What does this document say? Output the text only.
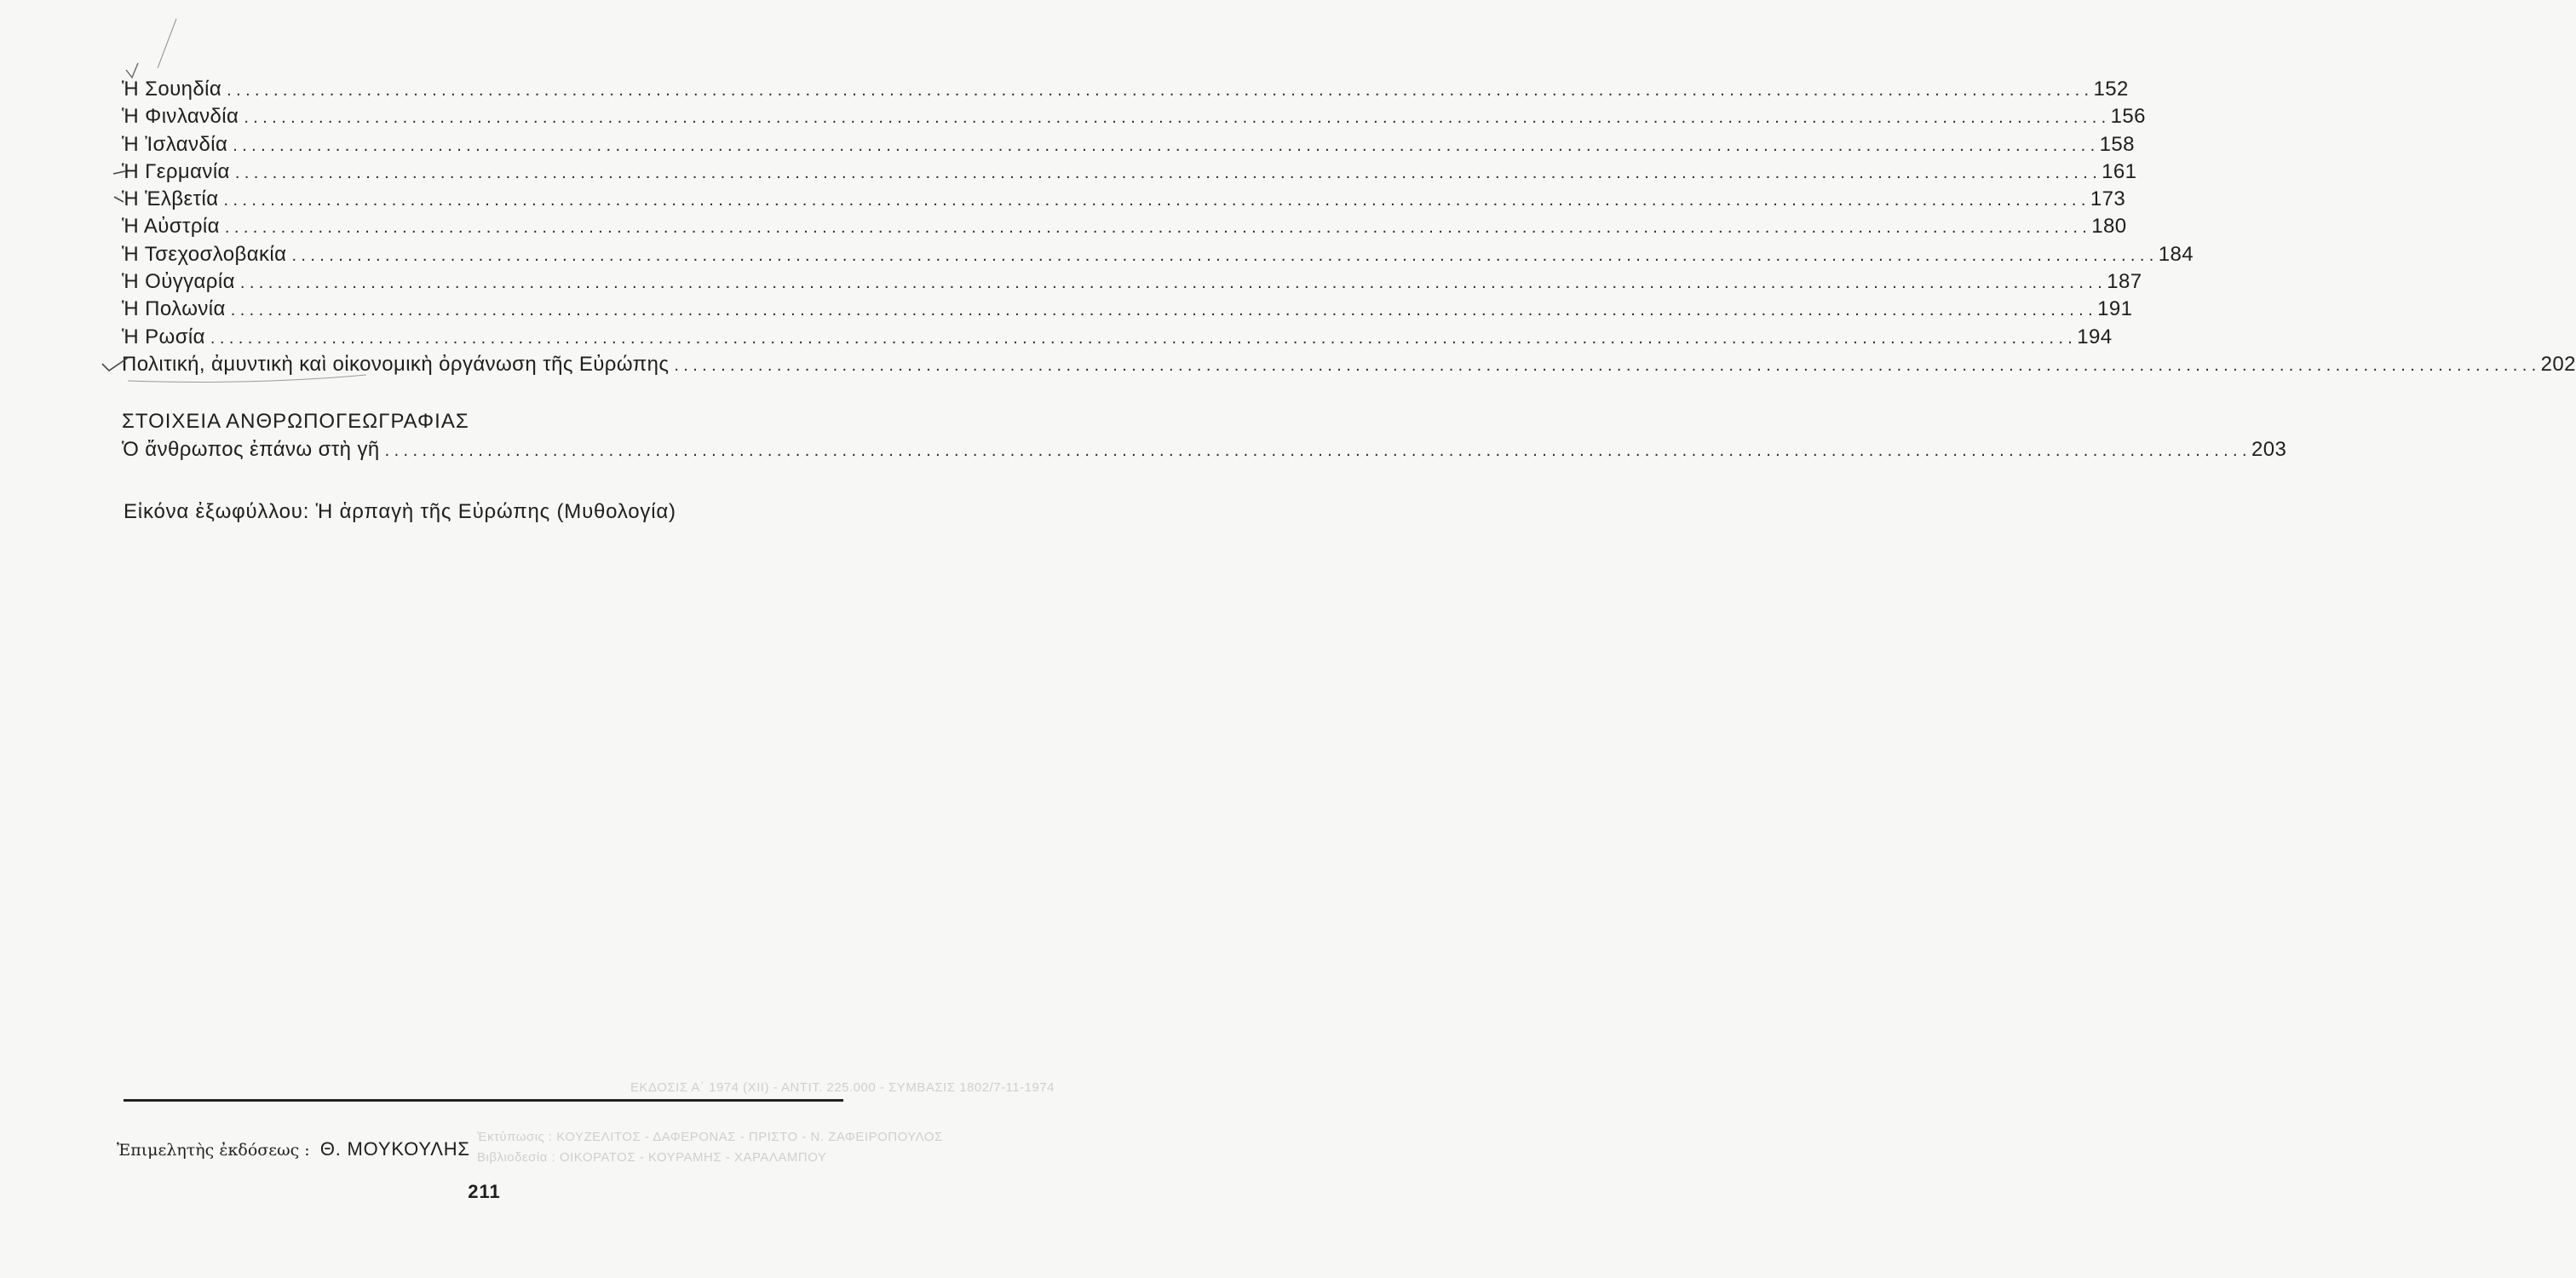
Ἡ Σουηδία ........................................................................................................................................................................................................ 152
Ἡ Φινλανδία ........................................................................................................................................................................................................ 156
Ἡ Ἰσλανδία ........................................................................................................................................................................................................ 158
Ἡ Γερμανία ........................................................................................................................................................................................................ 161
Ἡ Ἑλβετία ........................................................................................................................................................................................................ 173
Ἡ Αὐστρία ........................................................................................................................................................................................................ 180
Ἡ Τσεχοσλοβακία ........................................................................................................................................................................................................ 184
Ἡ Οὐγγαρία ........................................................................................................................................................................................................ 187
Ἡ Πολωνία ........................................................................................................................................................................................................ 191
Ἡ Ρωσία ........................................................................................................................................................................................................ 194
Πολιτική, ἀμυντικὴ καὶ οἰκονομικὴ ὀργάνωση τῆς Εὐρώπης ........................................................................................................................................................................................................ 202
ΣΤΟΙΧΕΙΑ ΑΝΘΡΩΠΟΓΕΩΓΡΑΦΙΑΣ
Ὁ ἄνθρωπος ἐπάνω στὴ γῆ ........................................................................................................................................................................................................ 203
Εἰκόνα ἐξωφύλλου: Ἡ ἁρπαγὴ τῆς Εὐρώπης (Μυθολογία)
ΕΚΔΟΣΙΣ Α΄ 1974 (ΧΙΙ) - ΑΝΤΙΤ. 225.000 - ΣΥΜΒΑΣΙΣ 1802/7-11-1974
Ἐκτύπωσις : ΚΟΥΖΕΛΙΤΟΣ - ΔΑΦΕΡΟΝΑΣ - ΠΡΙΣΤΟ - Ν. ΖΑΦΕΙΡΟΠΟΥΛΟΣ
Βιβλιοδεσία : ΟΙΚΟΡΑΤΟΣ - ΚΟΥΡΑΜΗΣ - ΧΑΡΑΛΑΜΠΟΥ
Ἐπιμελητὴς ἐκδόσεως : Θ. ΜΟΥΚΟΥΛΗΣ
211
